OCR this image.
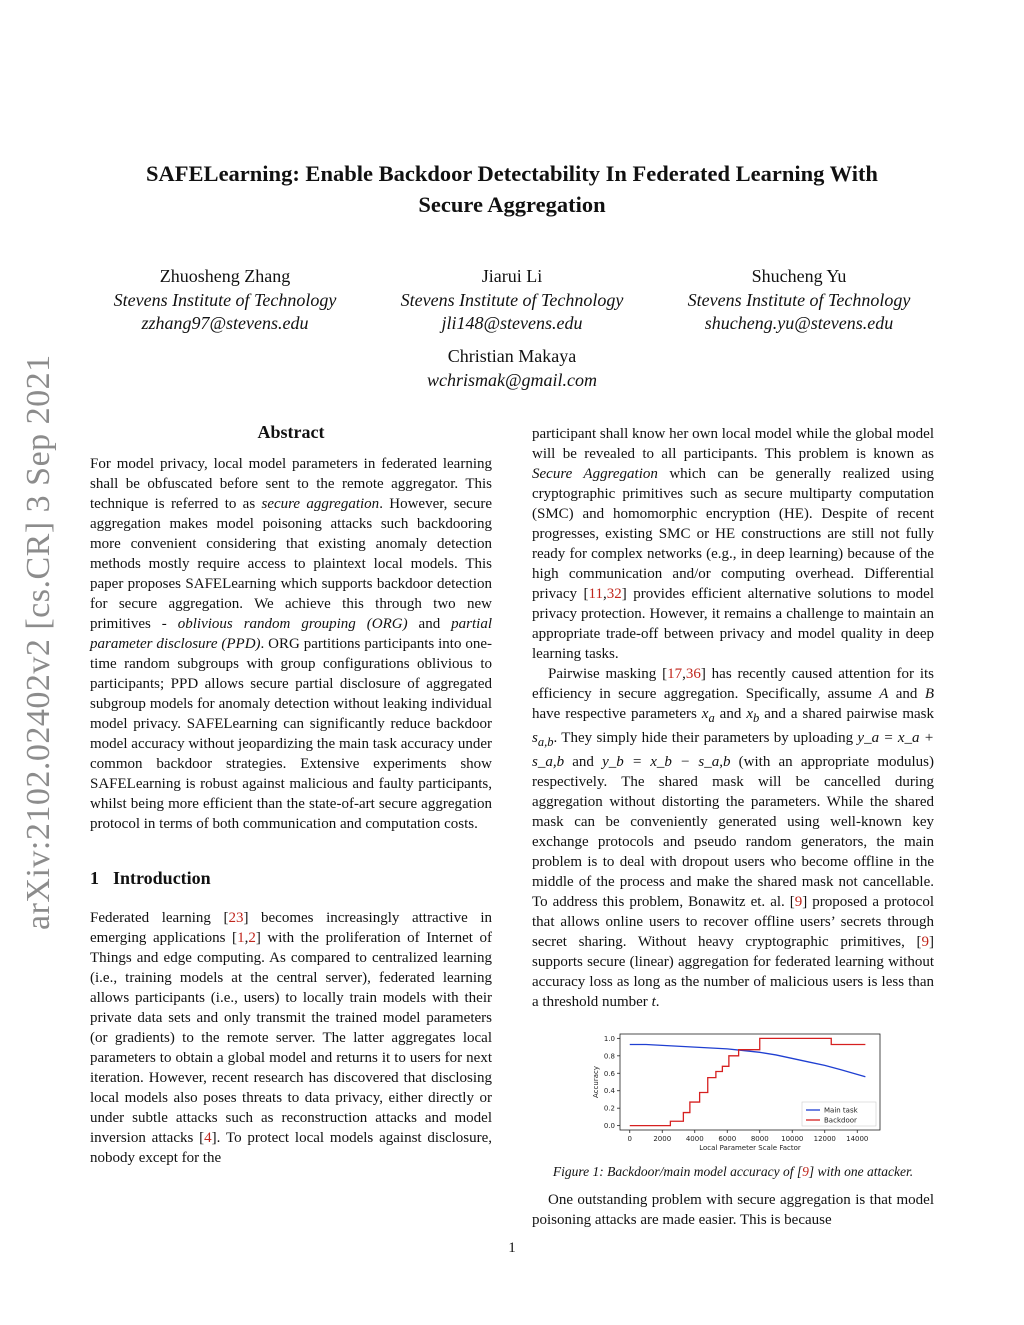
arXiv:2102.02402v2 [cs.CR] 3 Sep 2021
SAFELearning: Enable Backdoor Detectability In Federated Learning With
Secure Aggregation
Zhuosheng Zhang
Stevens Institute of Technology
zzhang97@stevens.edu
Jiarui Li
Stevens Institute of Technology
jli148@stevens.edu
Shucheng Yu
Stevens Institute of Technology
shucheng.yu@stevens.edu
Christian Makaya
wchrismak@gmail.com
Abstract

For model privacy, local model parameters in federated learning shall be obfuscated before sent to the remote aggregator. This technique is referred to as secure aggregation. However, secure aggregation makes model poisoning attacks such backdooring more convenient considering that existing anomaly detection methods mostly require access to plaintext local models. This paper proposes SAFELearning which supports backdoor detection for secure aggregation. We achieve this through two new primitives - oblivious random grouping (ORG) and partial parameter disclosure (PPD). ORG partitions participants into one-time random subgroups with group configurations oblivious to participants; PPD allows secure partial disclosure of aggregated subgroup models for anomaly detection without leaking individual model privacy. SAFELearning can significantly reduce backdoor model accuracy without jeopardizing the main task accuracy under common backdoor strategies. Extensive experiments show SAFELearning is robust against malicious and faulty participants, whilst being more efficient than the state-of-art secure aggregation protocol in terms of both communication and computation costs.

1 Introduction

Federated learning [23] becomes increasingly attractive in emerging applications [1,2] with the proliferation of Internet of Things and edge computing. As compared to centralized learning (i.e., training models at the central server), federated learning allows participants (i.e., users) to locally train models with their private data sets and only transmit the trained model parameters (or gradients) to the remote server. The latter aggregates local parameters to obtain a global model and returns it to users for next iteration. However, recent research has discovered that disclosing local models also poses threats to data privacy, either directly or under subtle attacks such as reconstruction attacks and model inversion attacks [4]. To protect local models against disclosure, nobody except for the

participant shall know her own local model while the global model will be revealed to all participants. This problem is known as Secure Aggregation which can be generally realized using cryptographic primitives such as secure multiparty computation (SMC) and homomorphic encryption (HE). Despite of recent progresses, existing SMC or HE constructions are still not fully ready for complex networks (e.g., in deep learning) because of the high communication and/or computing overhead. Differential privacy [11,32] provides efficient alternative solutions to model privacy protection. However, it remains a challenge to maintain an appropriate trade-off between privacy and model quality in deep learning tasks.

Pairwise masking [17,36] has recently caused attention for its efficiency in secure aggregation. Specifically, assume A and B have respective parameters $x_a$ and $x_b$ and a shared pairwise mask $s_{a,b}$. They simply hide their parameters by uploading y_a = x_a + s_a,b and y_b = x_b − s_a,b (with an appropriate modulus) respectively. The shared mask will be cancelled during aggregation without distorting the parameters. While the shared mask can be conveniently generated using well-known key exchange protocols and pseudo random generators, the main problem is to deal with dropout users who become offline in the middle of the process and make the shared mask not cancellable. To address this problem, Bonawitz et. al. [9] proposed a protocol that allows online users to recover offline users’ secrets through secret sharing. Without heavy cryptographic primitives, [9] supports secure (linear) aggregation for federated learning without accuracy loss as long as the number of malicious users is less than a threshold number t.

0	2000 4000 6000 8000 10000 12000 14000
0.0
0.2
0.4
0.6
0.8
1.0
Local Parameter Scale Factor
Accuracy
Main task
Backdoor
Figure 1: Backdoor/main model accuracy of [9] with one attacker.

One outstanding problem with secure aggregation is that model poisoning attacks are made easier. This is because

1
